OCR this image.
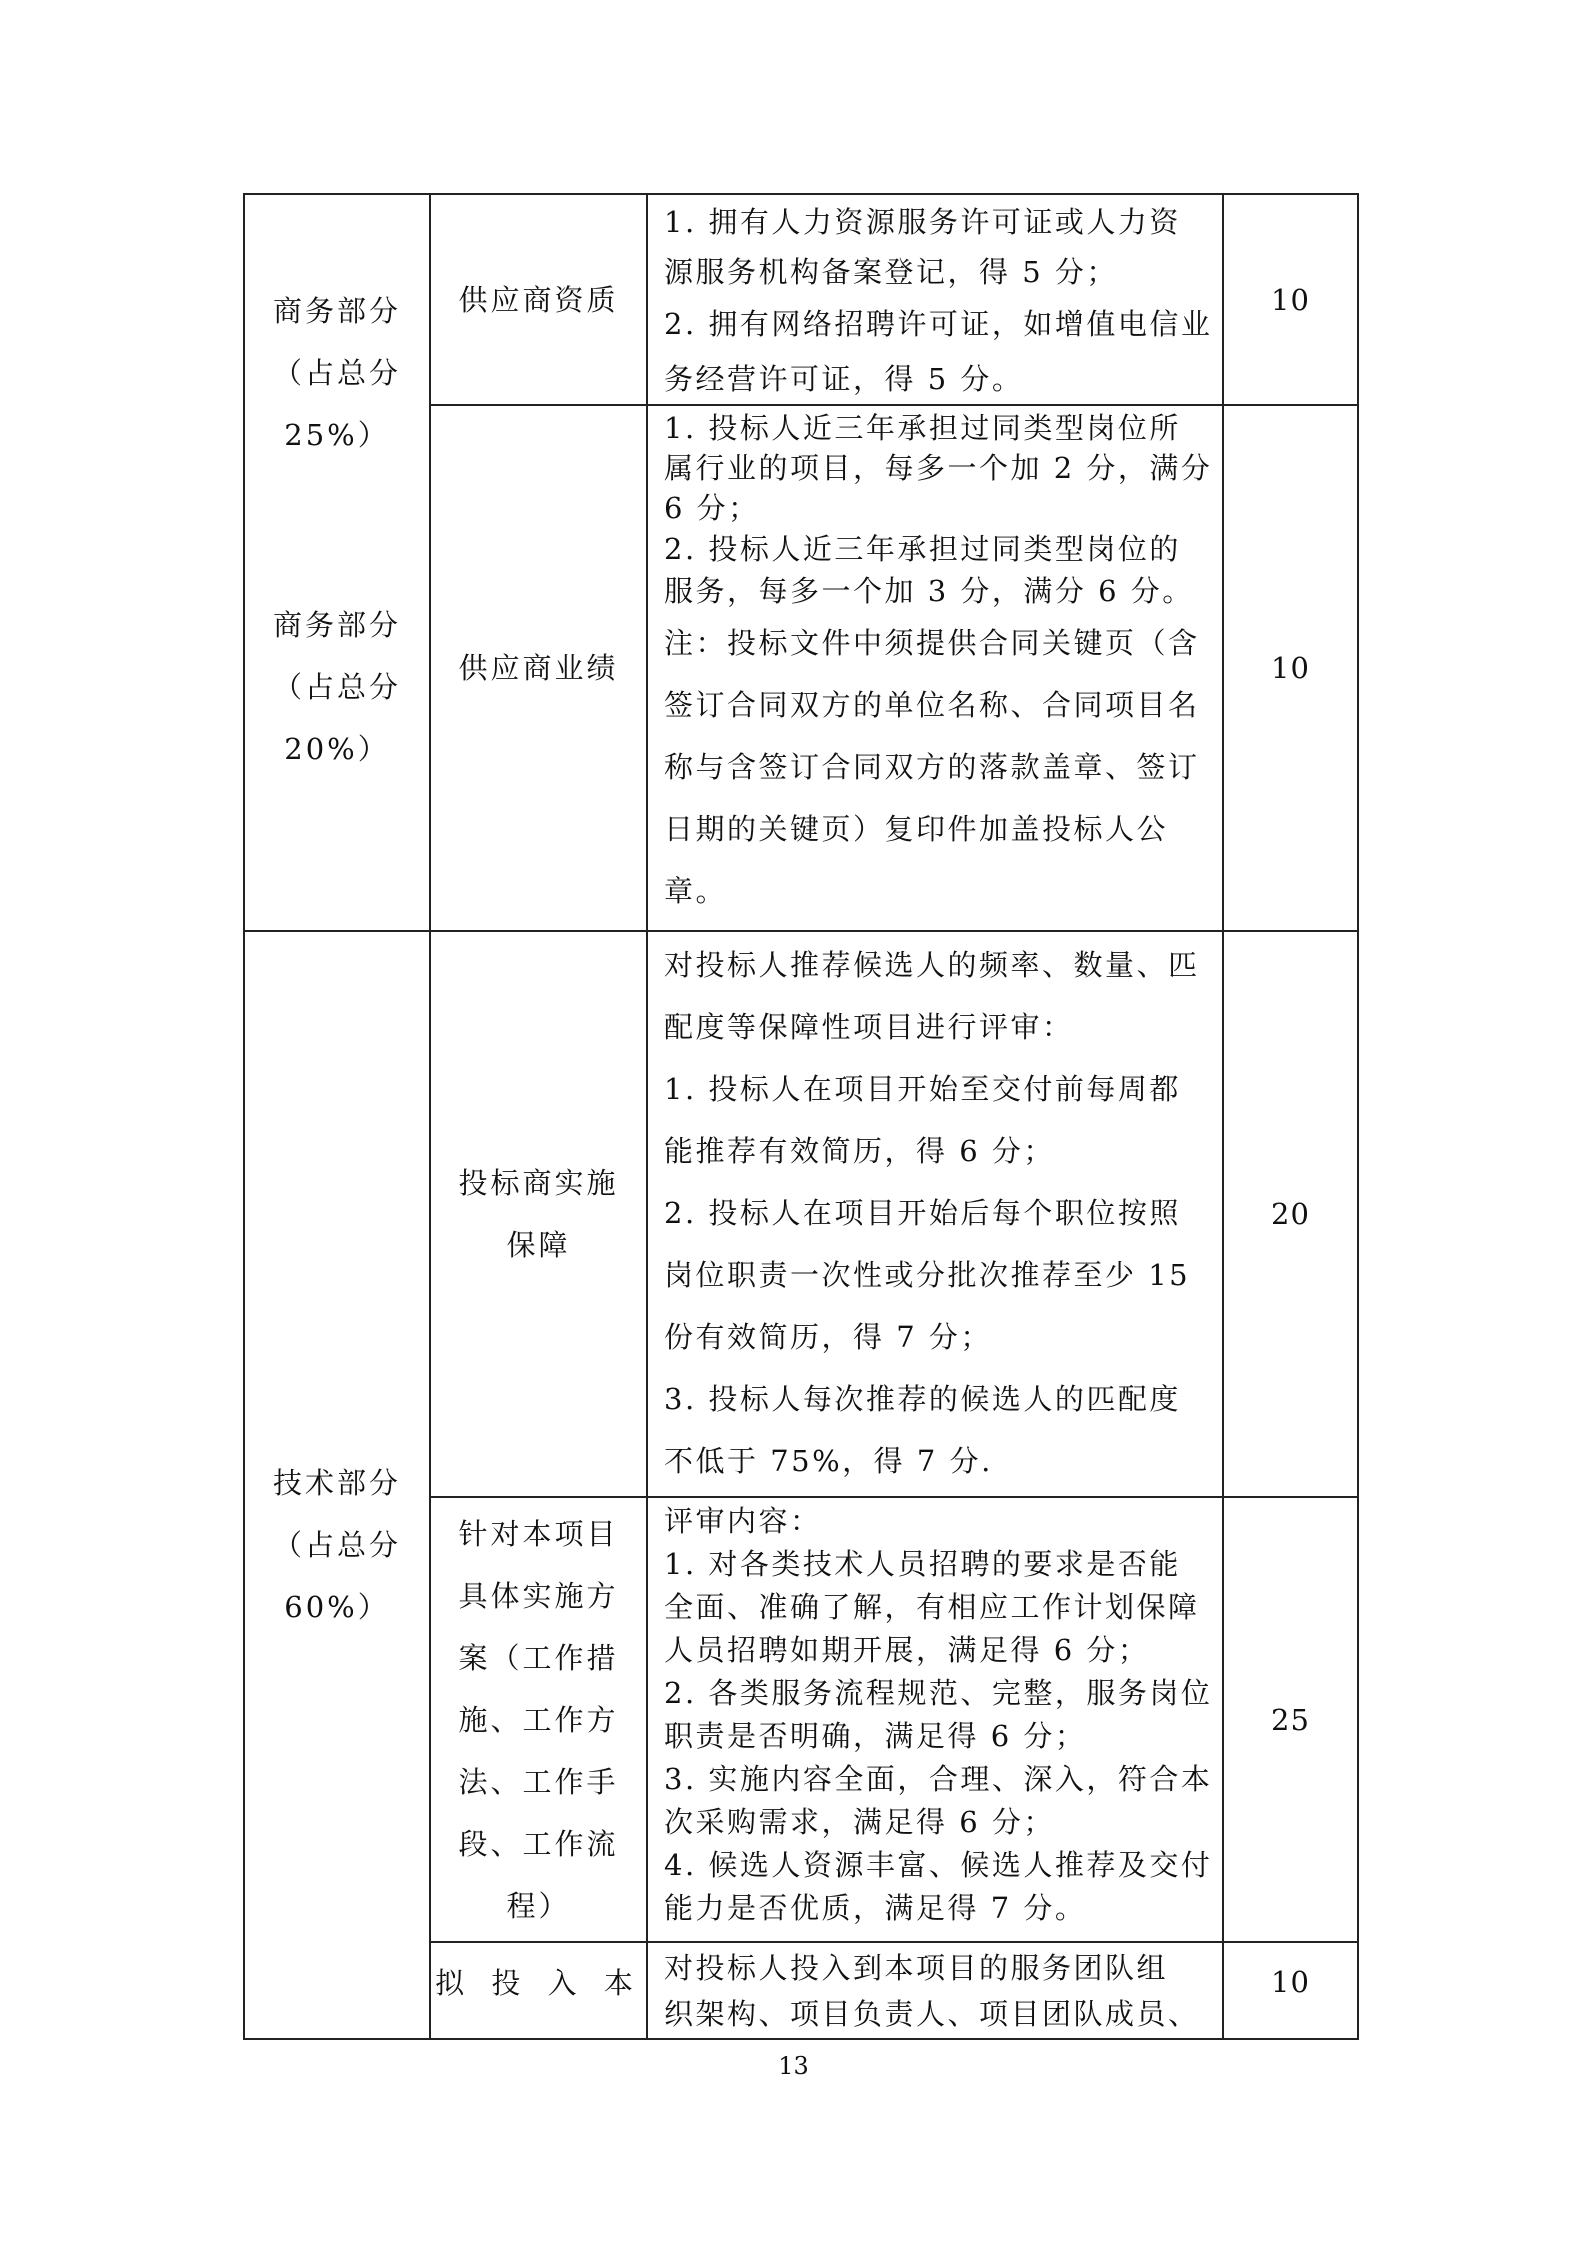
商务部分
（占总分
25%）
商务部分
（占总分
20%）
技术部分
（占总分
60%）
供应商资质
1. 拥有人力资源服务许可证或人力资
源服务机构备案登记，得 5 分；
2. 拥有网络招聘许可证，如增值电信业
务经营许可证，得 5 分。
10
供应商业绩
1. 投标人近三年承担过同类型岗位所
属行业的项目，每多一个加 2 分，满分
6 分；
2. 投标人近三年承担过同类型岗位的
服务，每多一个加 3 分，满分 6 分。
注：投标文件中须提供合同关键页（含
签订合同双方的单位名称、合同项目名
称与含签订合同双方的落款盖章、签订
日期的关键页）复印件加盖投标人公
章。
10
投标商实施
保障
对投标人推荐候选人的频率、数量、匹
配度等保障性项目进行评审：
1. 投标人在项目开始至交付前每周都
能推荐有效简历，得 6 分；
2. 投标人在项目开始后每个职位按照
岗位职责一次性或分批次推荐至少 15
份有效简历，得 7 分；
3. 投标人每次推荐的候选人的匹配度
不低于 75%，得 7 分.
20
针对本项目
具体实施方
案（工作措
施、工作方
法、工作手
段、工作流
程）
评审内容：
1. 对各类技术人员招聘的要求是否能
全面、准确了解，有相应工作计划保障
人员招聘如期开展，满足得 6 分；
2. 各类服务流程规范、完整，服务岗位
职责是否明确，满足得 6 分；
3. 实施内容全面，合理、深入，符合本
次采购需求，满足得 6 分；
4. 候选人资源丰富、候选人推荐及交付
能力是否优质，满足得 7 分。
25
拟 投 入 本 对投标人投入到本项目的服务团队组
织架构、项目负责人、项目团队成员、
10
13
